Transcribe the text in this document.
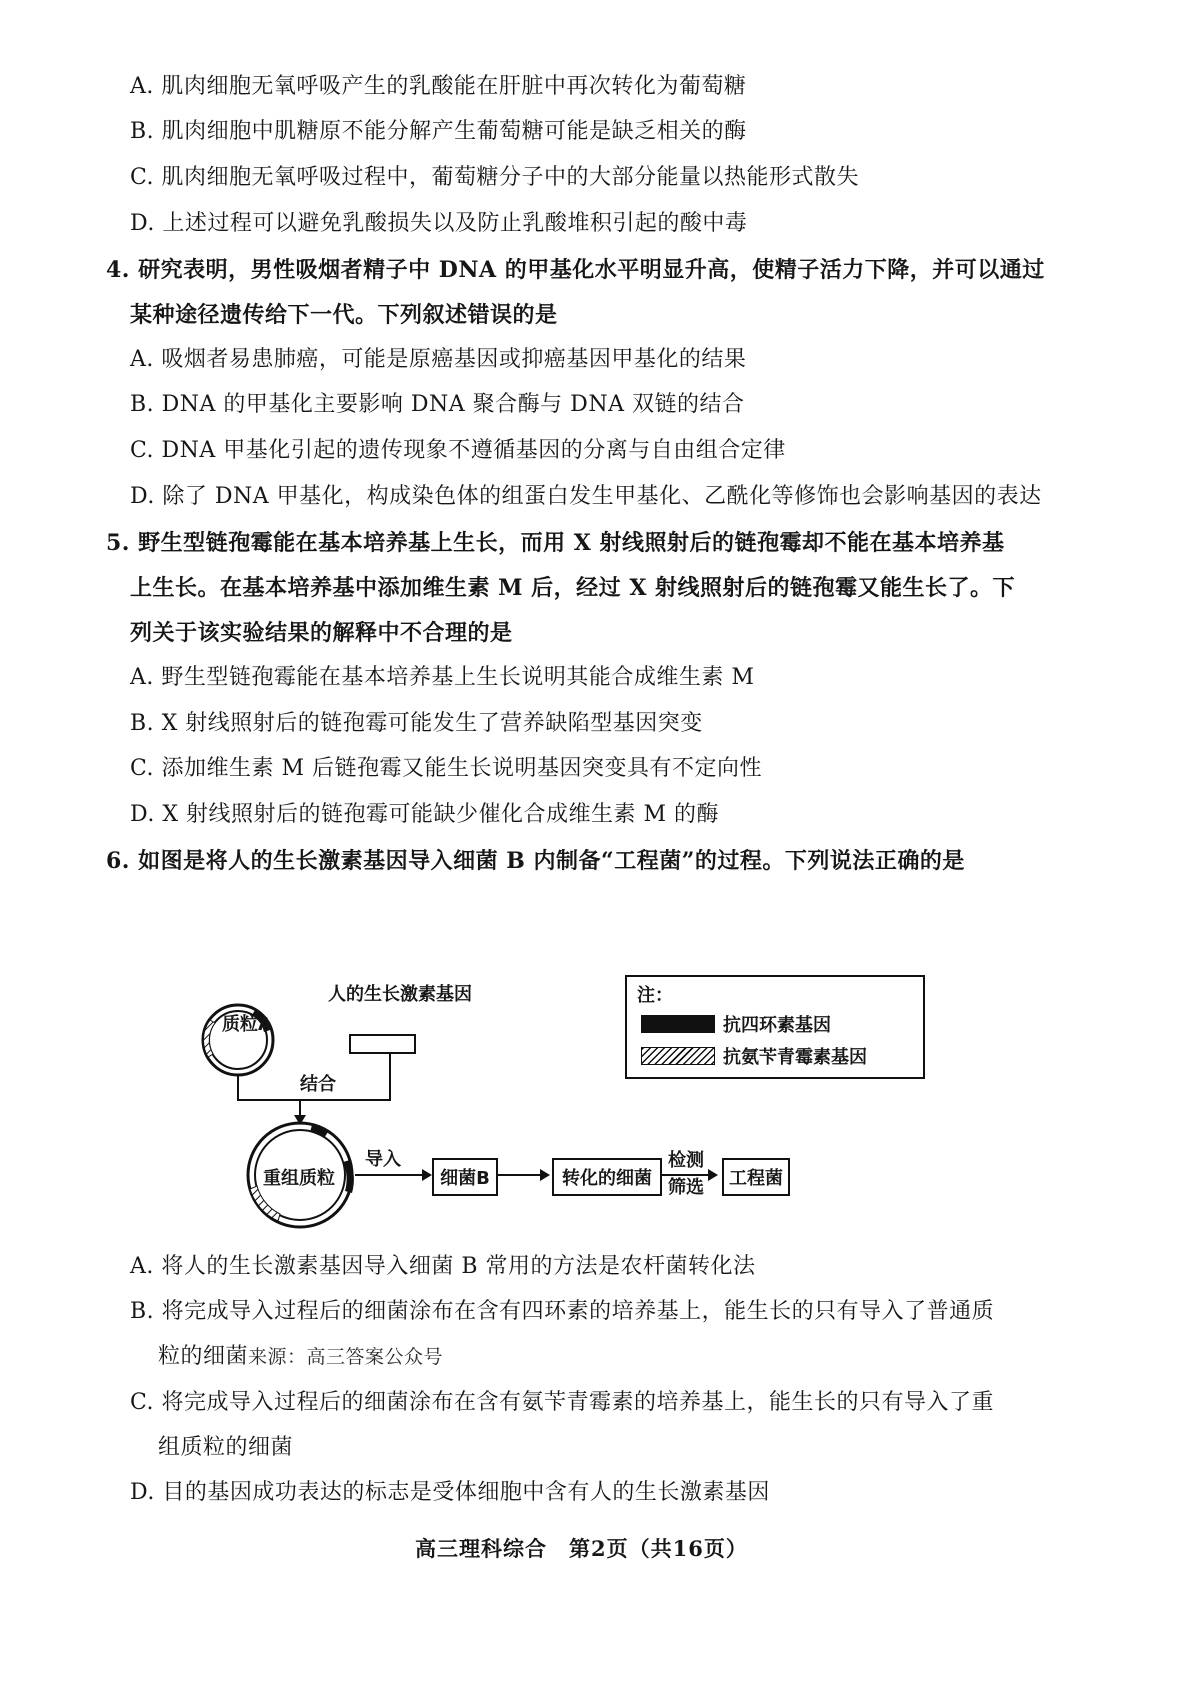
A. 肌肉细胞无氧呼吸产生的乳酸能在肝脏中再次转化为葡萄糖
B. 肌肉细胞中肌糖原不能分解产生葡萄糖可能是缺乏相关的酶
C. 肌肉细胞无氧呼吸过程中，葡萄糖分子中的大部分能量以热能形式散失
D. 上述过程可以避免乳酸损失以及防止乳酸堆积引起的酸中毒
4. 研究表明，男性吸烟者精子中 DNA 的甲基化水平明显升高，使精子活力下降，并可以通过
某种途径遗传给下一代。下列叙述错误的是
A. 吸烟者易患肺癌，可能是原癌基因或抑癌基因甲基化的结果
B. DNA 的甲基化主要影响 DNA 聚合酶与 DNA 双链的结合
C. DNA 甲基化引起的遗传现象不遵循基因的分离与自由组合定律
D. 除了 DNA 甲基化，构成染色体的组蛋白发生甲基化、乙酰化等修饰也会影响基因的表达
5. 野生型链孢霉能在基本培养基上生长，而用 X 射线照射后的链孢霉却不能在基本培养基
上生长。在基本培养基中添加维生素 M 后，经过 X 射线照射后的链孢霉又能生长了。下
列关于该实验结果的解释中不合理的是
A. 野生型链孢霉能在基本培养基上生长说明其能合成维生素 M
B. X 射线照射后的链孢霉可能发生了营养缺陷型基因突变
C. 添加维生素 M 后链孢霉又能生长说明基因突变具有不定向性
D. X 射线照射后的链孢霉可能缺少催化合成维生素 M 的酶
6. 如图是将人的生长激素基因导入细菌 B 内制备“工程菌”的过程。下列说法正确的是
质粒A
人的生长激素基因
结合
重组质粒
导入
细菌B	转化的细菌
检测
筛选	工程菌
注：
抗四环素基因
抗氨苄青霉素基因
A. 将人的生长激素基因导入细菌 B 常用的方法是农杆菌转化法
B. 将完成导入过程后的细菌涂布在含有四环素的培养基上，能生长的只有导入了普通质
粒的细菌来源：高三答案公众号
C. 将完成导入过程后的细菌涂布在含有氨苄青霉素的培养基上，能生长的只有导入了重
组质粒的细菌
D. 目的基因成功表达的标志是受体细胞中含有人的生长激素基因
高三理科综合　第2页（共16页）
